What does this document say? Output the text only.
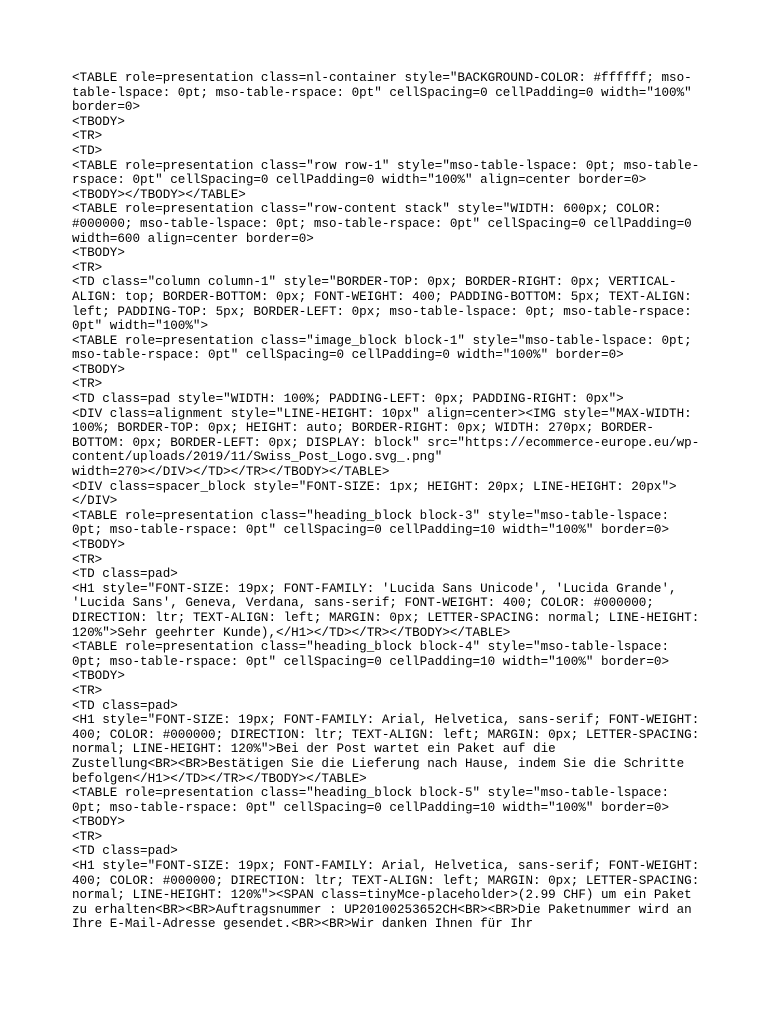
<TABLE role=presentation class=nl-container style="BACKGROUND-COLOR: #ffffff; mso-
table-lspace: 0pt; mso-table-rspace: 0pt" cellSpacing=0 cellPadding=0 width="100%"
border=0>
<TBODY>
<TR>
<TD>
<TABLE role=presentation class="row row-1" style="mso-table-lspace: 0pt; mso-table-
rspace: 0pt" cellSpacing=0 cellPadding=0 width="100%" align=center border=0>
<TBODY></TBODY></TABLE>
<TABLE role=presentation class="row-content stack" style="WIDTH: 600px; COLOR:
#000000; mso-table-lspace: 0pt; mso-table-rspace: 0pt" cellSpacing=0 cellPadding=0
width=600 align=center border=0>
<TBODY>
<TR>
<TD class="column column-1" style="BORDER-TOP: 0px; BORDER-RIGHT: 0px; VERTICAL-
ALIGN: top; BORDER-BOTTOM: 0px; FONT-WEIGHT: 400; PADDING-BOTTOM: 5px; TEXT-ALIGN:
left; PADDING-TOP: 5px; BORDER-LEFT: 0px; mso-table-lspace: 0pt; mso-table-rspace:
0pt" width="100%">
<TABLE role=presentation class="image_block block-1" style="mso-table-lspace: 0pt;
mso-table-rspace: 0pt" cellSpacing=0 cellPadding=0 width="100%" border=0>
<TBODY>
<TR>
<TD class=pad style="WIDTH: 100%; PADDING-LEFT: 0px; PADDING-RIGHT: 0px">
<DIV class=alignment style="LINE-HEIGHT: 10px" align=center><IMG style="MAX-WIDTH:
100%; BORDER-TOP: 0px; HEIGHT: auto; BORDER-RIGHT: 0px; WIDTH: 270px; BORDER-
BOTTOM: 0px; BORDER-LEFT: 0px; DISPLAY: block" src="https://ecommerce-europe.eu/wp-
content/uploads/2019/11/Swiss_Post_Logo.svg_.png"
width=270></DIV></TD></TR></TBODY></TABLE>
<DIV class=spacer_block style="FONT-SIZE: 1px; HEIGHT: 20px; LINE-HEIGHT: 20px">
</DIV>
<TABLE role=presentation class="heading_block block-3" style="mso-table-lspace:
0pt; mso-table-rspace: 0pt" cellSpacing=0 cellPadding=10 width="100%" border=0>
<TBODY>
<TR>
<TD class=pad>
<H1 style="FONT-SIZE: 19px; FONT-FAMILY: 'Lucida Sans Unicode', 'Lucida Grande',
'Lucida Sans', Geneva, Verdana, sans-serif; FONT-WEIGHT: 400; COLOR: #000000;
DIRECTION: ltr; TEXT-ALIGN: left; MARGIN: 0px; LETTER-SPACING: normal; LINE-HEIGHT:
120%">Sehr geehrter Kunde),</H1></TD></TR></TBODY></TABLE>
<TABLE role=presentation class="heading_block block-4" style="mso-table-lspace:
0pt; mso-table-rspace: 0pt" cellSpacing=0 cellPadding=10 width="100%" border=0>
<TBODY>
<TR>
<TD class=pad>
<H1 style="FONT-SIZE: 19px; FONT-FAMILY: Arial, Helvetica, sans-serif; FONT-WEIGHT:
400; COLOR: #000000; DIRECTION: ltr; TEXT-ALIGN: left; MARGIN: 0px; LETTER-SPACING:
normal; LINE-HEIGHT: 120%">Bei der Post wartet ein Paket auf die
Zustellung<BR><BR>Bestätigen Sie die Lieferung nach Hause, indem Sie die Schritte
befolgen</H1></TD></TR></TBODY></TABLE>
<TABLE role=presentation class="heading_block block-5" style="mso-table-lspace:
0pt; mso-table-rspace: 0pt" cellSpacing=0 cellPadding=10 width="100%" border=0>
<TBODY>
<TR>
<TD class=pad>
<H1 style="FONT-SIZE: 19px; FONT-FAMILY: Arial, Helvetica, sans-serif; FONT-WEIGHT:
400; COLOR: #000000; DIRECTION: ltr; TEXT-ALIGN: left; MARGIN: 0px; LETTER-SPACING:
normal; LINE-HEIGHT: 120%"><SPAN class=tinyMce-placeholder>(2.99 CHF) um ein Paket
zu erhalten<BR><BR>Auftragsnummer : UP20100253652CH<BR><BR>Die Paketnummer wird an
Ihre E-Mail-Adresse gesendet.<BR><BR>Wir danken Ihnen für Ihr
